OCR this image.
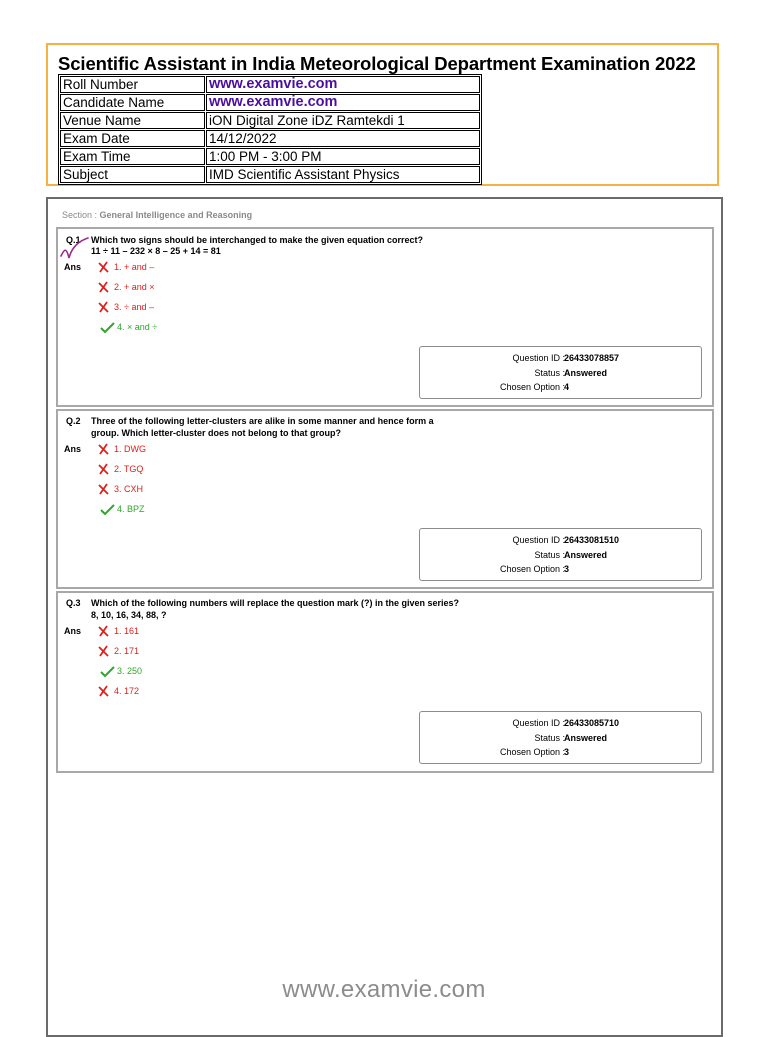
Scientific Assistant in India Meteorological Department Examination 2022
Roll Number	www.examvie.com
Candidate Name	www.examvie.com
Venue Name	iON Digital Zone iDZ Ramtekdi 1
Exam Date	14/12/2022
Exam Time	1:00 PM - 3:00 PM
Subject	IMD Scientific Assistant Physics
Section : General Intelligence and Reasoning
Q.1 Which two signs should be interchanged to make the given equation correct?
11 ÷ 11 – 232 × 8 – 25 + 14 = 81
Ans	1. + and –
2. + and ×
3. ÷ and –
4. × and ÷
Question ID : 26433078857
Status : Answered
Chosen Option : 4
Q.2 Three of the following letter-clusters are alike in some manner and hence form a
group. Which letter-cluster does not belong to that group?
Ans	1. DWG
2. TGQ
3. CXH
4. BPZ
Question ID : 26433081510
Status : Answered
Chosen Option : 3
Q.3 Which of the following numbers will replace the question mark (?) in the given series?
8, 10, 16, 34, 88, ?
Ans	1. 161
2. 171
3. 250
4. 172
Question ID : 26433085710
Status : Answered
Chosen Option : 3
www.examvie.com
